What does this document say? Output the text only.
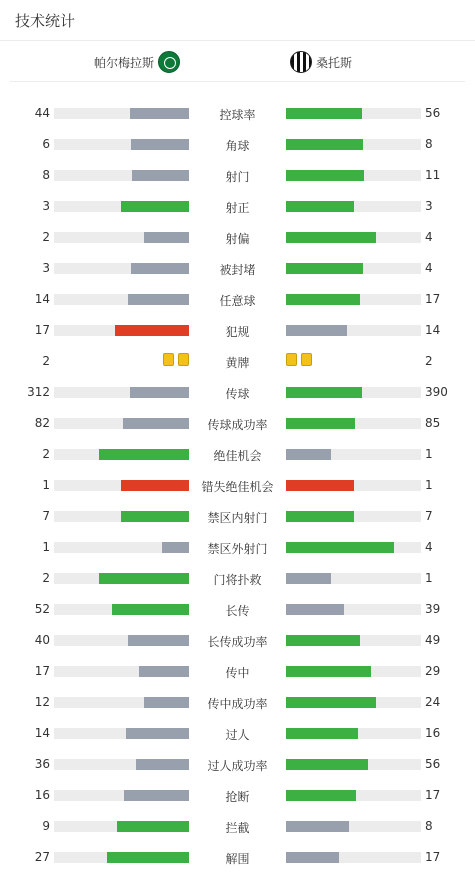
技术统计
帕尔梅拉斯	桑托斯
44	控球率	56
6	角球	8
8	射门	11
3	射正	3
2	射偏	4
3	被封堵	4
14	任意球	17
17	犯规	14
2	黄牌	2
312	传球	390
82	传球成功率	85
2	绝佳机会	1
1	错失绝佳机会	1
7	禁区内射门	7
1	禁区外射门	4
2	门将扑救	1
52	长传	39
40	长传成功率	49
17	传中	29
12	传中成功率	24
14	过人	16
36	过人成功率	56
16	抢断	17
9	拦截	8
27	解围	17
